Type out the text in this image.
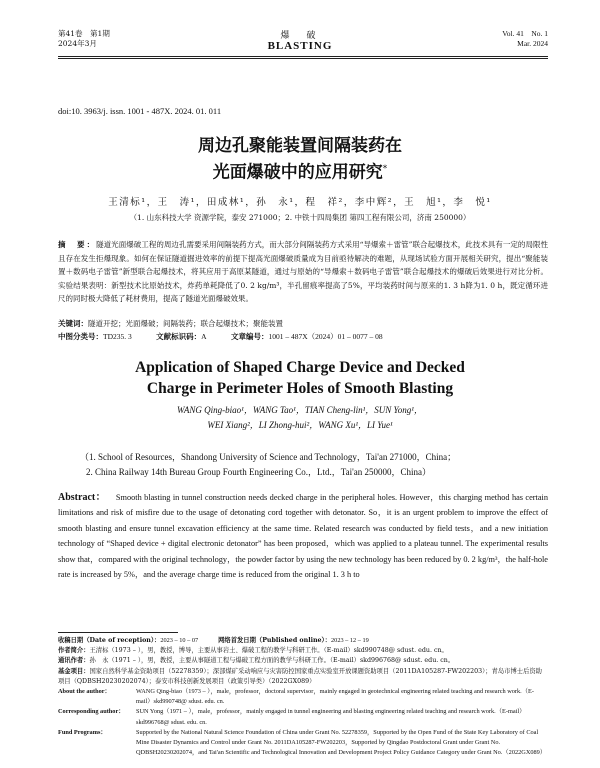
第41卷　第1期
2024年3月
爆　破
BLASTING
Vol. 41　No. 1
Mar. 2024
doi:10. 3963/j. issn. 1001 - 487X. 2024. 01. 011
周边孔聚能装置间隔装药在
光面爆破中的应用研究*
王清标¹，王　涛¹，田成林¹，孙　永¹，程　祥²，李中辉²，王　旭¹，李　悦¹
（1. 山东科技大学 资源学院，泰安 271000；2. 中铁十四局集团 第四工程有限公司，济南 250000）
摘　要：隧道光面爆破工程的周边孔需要采用间隔装药方式，而大部分间隔装药方式采用“导爆索＋雷管”联合起爆技术，此技术具有一定的局限性且存在发生拒爆现象。如何在保证隧道掘进效率的前提下提高光面爆破质量成为目前亟待解决的难题，从现场试验方面开展相关研究，提出“聚能装置＋数码电子雷管”新型联合起爆技术，将其应用于高原某隧道，通过与原始的“导爆索＋数码电子雷管”联合起爆技术的爆破后效果进行对比分析。实验结果表明：新型技术比原始技术，炸药单耗降低了0. 2 kg/m³，半孔留痕率提高了5%，平均装药时间与原来的1. 3 h降为1. 0 h，既定循环进尺的同时极大降低了耗材费用，提高了隧道光面爆破效果。
关键词：隧道开挖；光面爆破；间隔装药；联合起爆技术；聚能装置
中图分类号：TD235. 3	文献标识码：A	文章编号：1001 – 487X（2024）01 – 0077 – 08
Application of Shaped Charge Device and Decked
Charge in Perimeter Holes of Smooth Blasting
WANG Qing-biao¹，WANG Tao¹，TIAN Cheng-lin¹，SUN Yong¹，
WEI Xiang²，LI Zhong-hui²，WANG Xu¹，LI Yue¹
（1. School of Resources，Shandong University of Science and Technology，Tai'an 271000，China；
2. China Railway 14th Bureau Group Fourth Engineering Co.，Ltd.，Tai'an 250000，China）
Abstract： Smooth blasting in tunnel construction needs decked charge in the peripheral holes. However，this charging method has certain limitations and risk of misfire due to the usage of detonating cord together with detonator. So，it is an urgent problem to improve the effect of smooth blasting and ensure tunnel excavation efficiency at the same time. Related research was conducted by field tests，and a new initiation technology of “Shaped device + digital electronic detonator” has been proposed，which was applied to a plateau tunnel. The experimental results show that，compared with the original technology，the powder factor by using the new technology has been reduced by 0. 2 kg/m³，the half-hole rate is increased by 5%，and the average charge time is reduced from the original 1. 3 h to
收稿日期（Date of reception）：2023 – 10 – 07	网络首发日期（Published online）：2023 – 12 – 19
作者简介：王清标（1973 – ），男，教授，博导，主要从事岩土、爆破工程的教学与科研工作。（E-mail）skd990748@ sdust. edu. cn。
通讯作者：孙　永（1971 – ），男，教授，主要从事隧道工程与爆破工程方面的教学与科研工作。（E-mail）skd996768@ sdust. edu. cn。
基金项目：国家自然科学基金资助项目（52278359）；深部煤矿采动响应与灾害防控国家重点实验室开放课题资助项目（2011DA105287-FW202203）；青岛市博士后资助项目（QDBSH20230202074）；泰安市科技创新发展项目（政策引导类）（2022GX089）
About the author：	WANG Qing-biao（1973 – ），male，professor，doctoral supervisor，mainly engaged in geotechnical engineering related teaching and research work.（E-mail）skd990748@ sdust. edu. cn.
Corresponding author：	SUN Yong（1971 – ），male，professor，mainly engaged in tunnel engineering and blasting engineering related teaching and research work.（E-mail）skd996768@ sdust. edu. cn.
Fund Programs：	Supported by the National Natural Science Foundation of China under Grant No. 52278359，Supported by the Open Fund of the State Key Laboratory of Coal Mine Disaster Dynamics and Control under Grant No. 2011DA105287-FW202203，Supported by Qingdao Postdoctoral Grant under Grant No. QDBSH20230202074，and Tai'an Scientific and Technological Innovation and Development Project Policy Guidance Category under Grant No.（2022GX089）
